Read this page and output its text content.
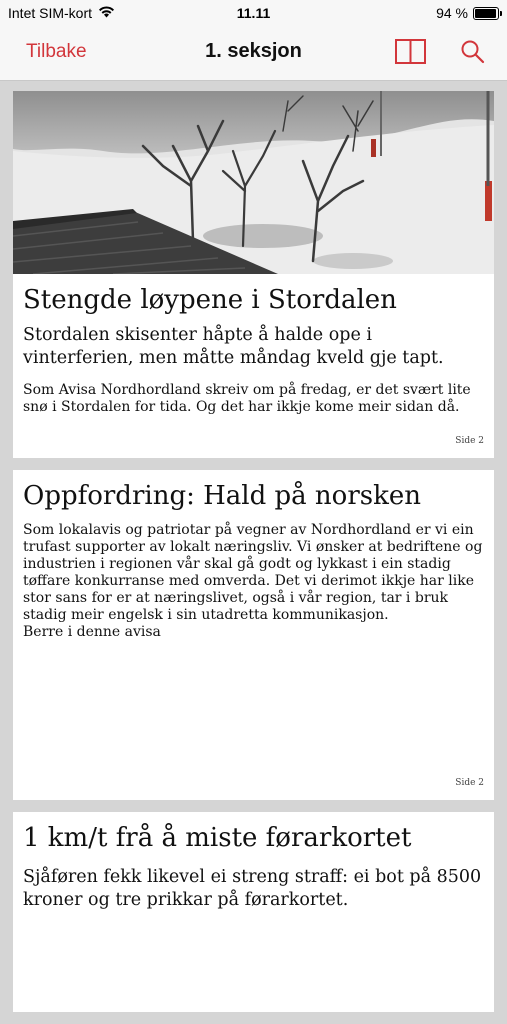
Intet SIM-kort	11.11	94 %
Tilbake	1. seksjon
Stengde løypene i Stordalen

Stordalen skisenter håpte å halde ope i vinterferien, men måtte måndag kveld gje tapt.

Som Avisa Nordhordland skreiv om på fredag, er det svært lite snø i Stordalen for tida. Og det har ikkje kome meir sidan då.

Side 2
Oppfordring: Hald på norsken

Som lokalavis og patriotar på vegner av Nordhordland er vi ein trufast supporter av lokalt næringsliv. Vi ønsker at bedriftene og industrien i regionen vår skal gå godt og lykkast i ein stadig tøffare konkurranse med omverda. Det vi derimot ikkje har like stor sans for er at næringslivet, også i vår region, tar i bruk stadig meir engelsk i sin utadretta kommunikasjon.
Berre i denne avisa

Side 2
1 km/t frå å miste førarkortet

Sjåføren fekk likevel ei streng straff: ei bot på 8500 kroner og tre prikkar på førarkortet.
